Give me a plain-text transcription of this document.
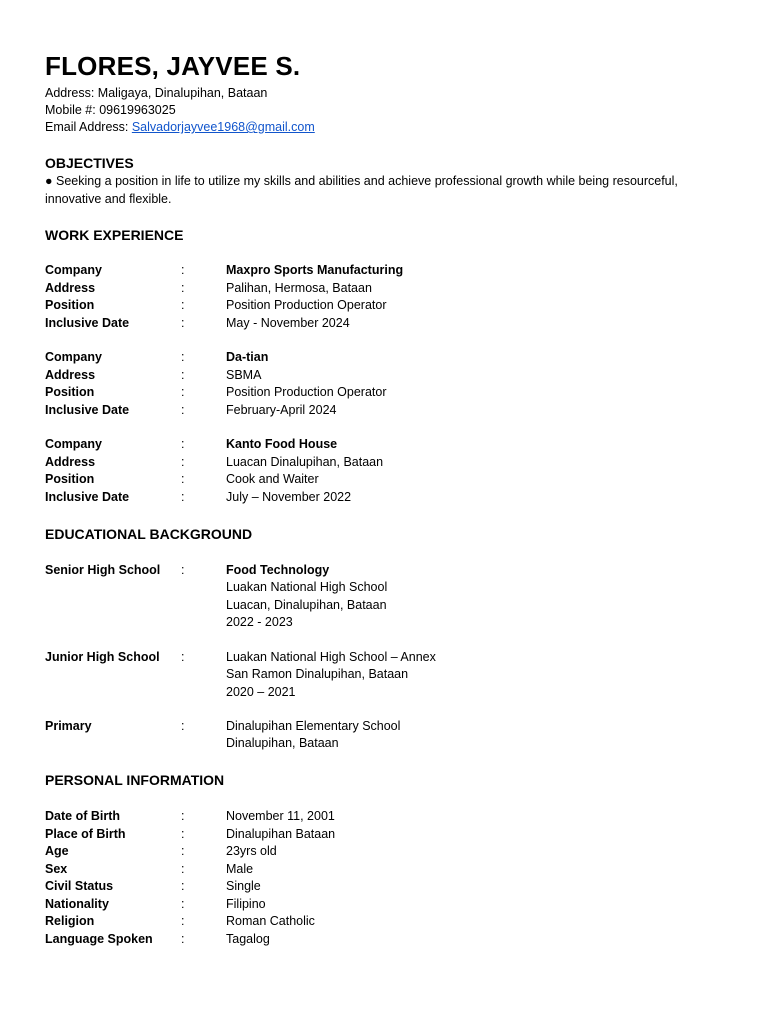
FLORES, JAYVEE S.
Address: Maligaya, Dinalupihan, Bataan
Mobile #: 09619963025
Email Address: Salvadorjayvee1968@gmail.com
OBJECTIVES
● Seeking a position in life to utilize my skills and abilities and achieve professional growth while being resourceful, innovative and flexible.
WORK EXPERIENCE
Company	:	Maxpro Sports Manufacturing
Address	:	Palihan, Hermosa, Bataan
Position	:	Position Production Operator
Inclusive Date	:	May - November 2024
Company	:	Da-tian
Address	:	SBMA
Position	:	Position Production Operator
Inclusive Date	:	February-April 2024
Company	:	Kanto Food House
Address	:	Luacan Dinalupihan, Bataan
Position	:	Cook and Waiter
Inclusive Date	:	July – November 2022
EDUCATIONAL BACKGROUND
Senior High School	:	Food Technology
Luakan National High School
Luacan, Dinalupihan, Bataan
2022 - 2023
Junior High School	:	Luakan National High School – Annex
San Ramon Dinalupihan, Bataan
2020 – 2021
Primary	:	Dinalupihan Elementary School
Dinalupihan, Bataan
PERSONAL INFORMATION
Date of Birth	:	November 11, 2001
Place of Birth	:	Dinalupihan Bataan
Age	:	23yrs old
Sex	:	Male
Civil Status	:	Single
Nationality	:	Filipino
Religion	:	Roman Catholic
Language Spoken	:	Tagalog
